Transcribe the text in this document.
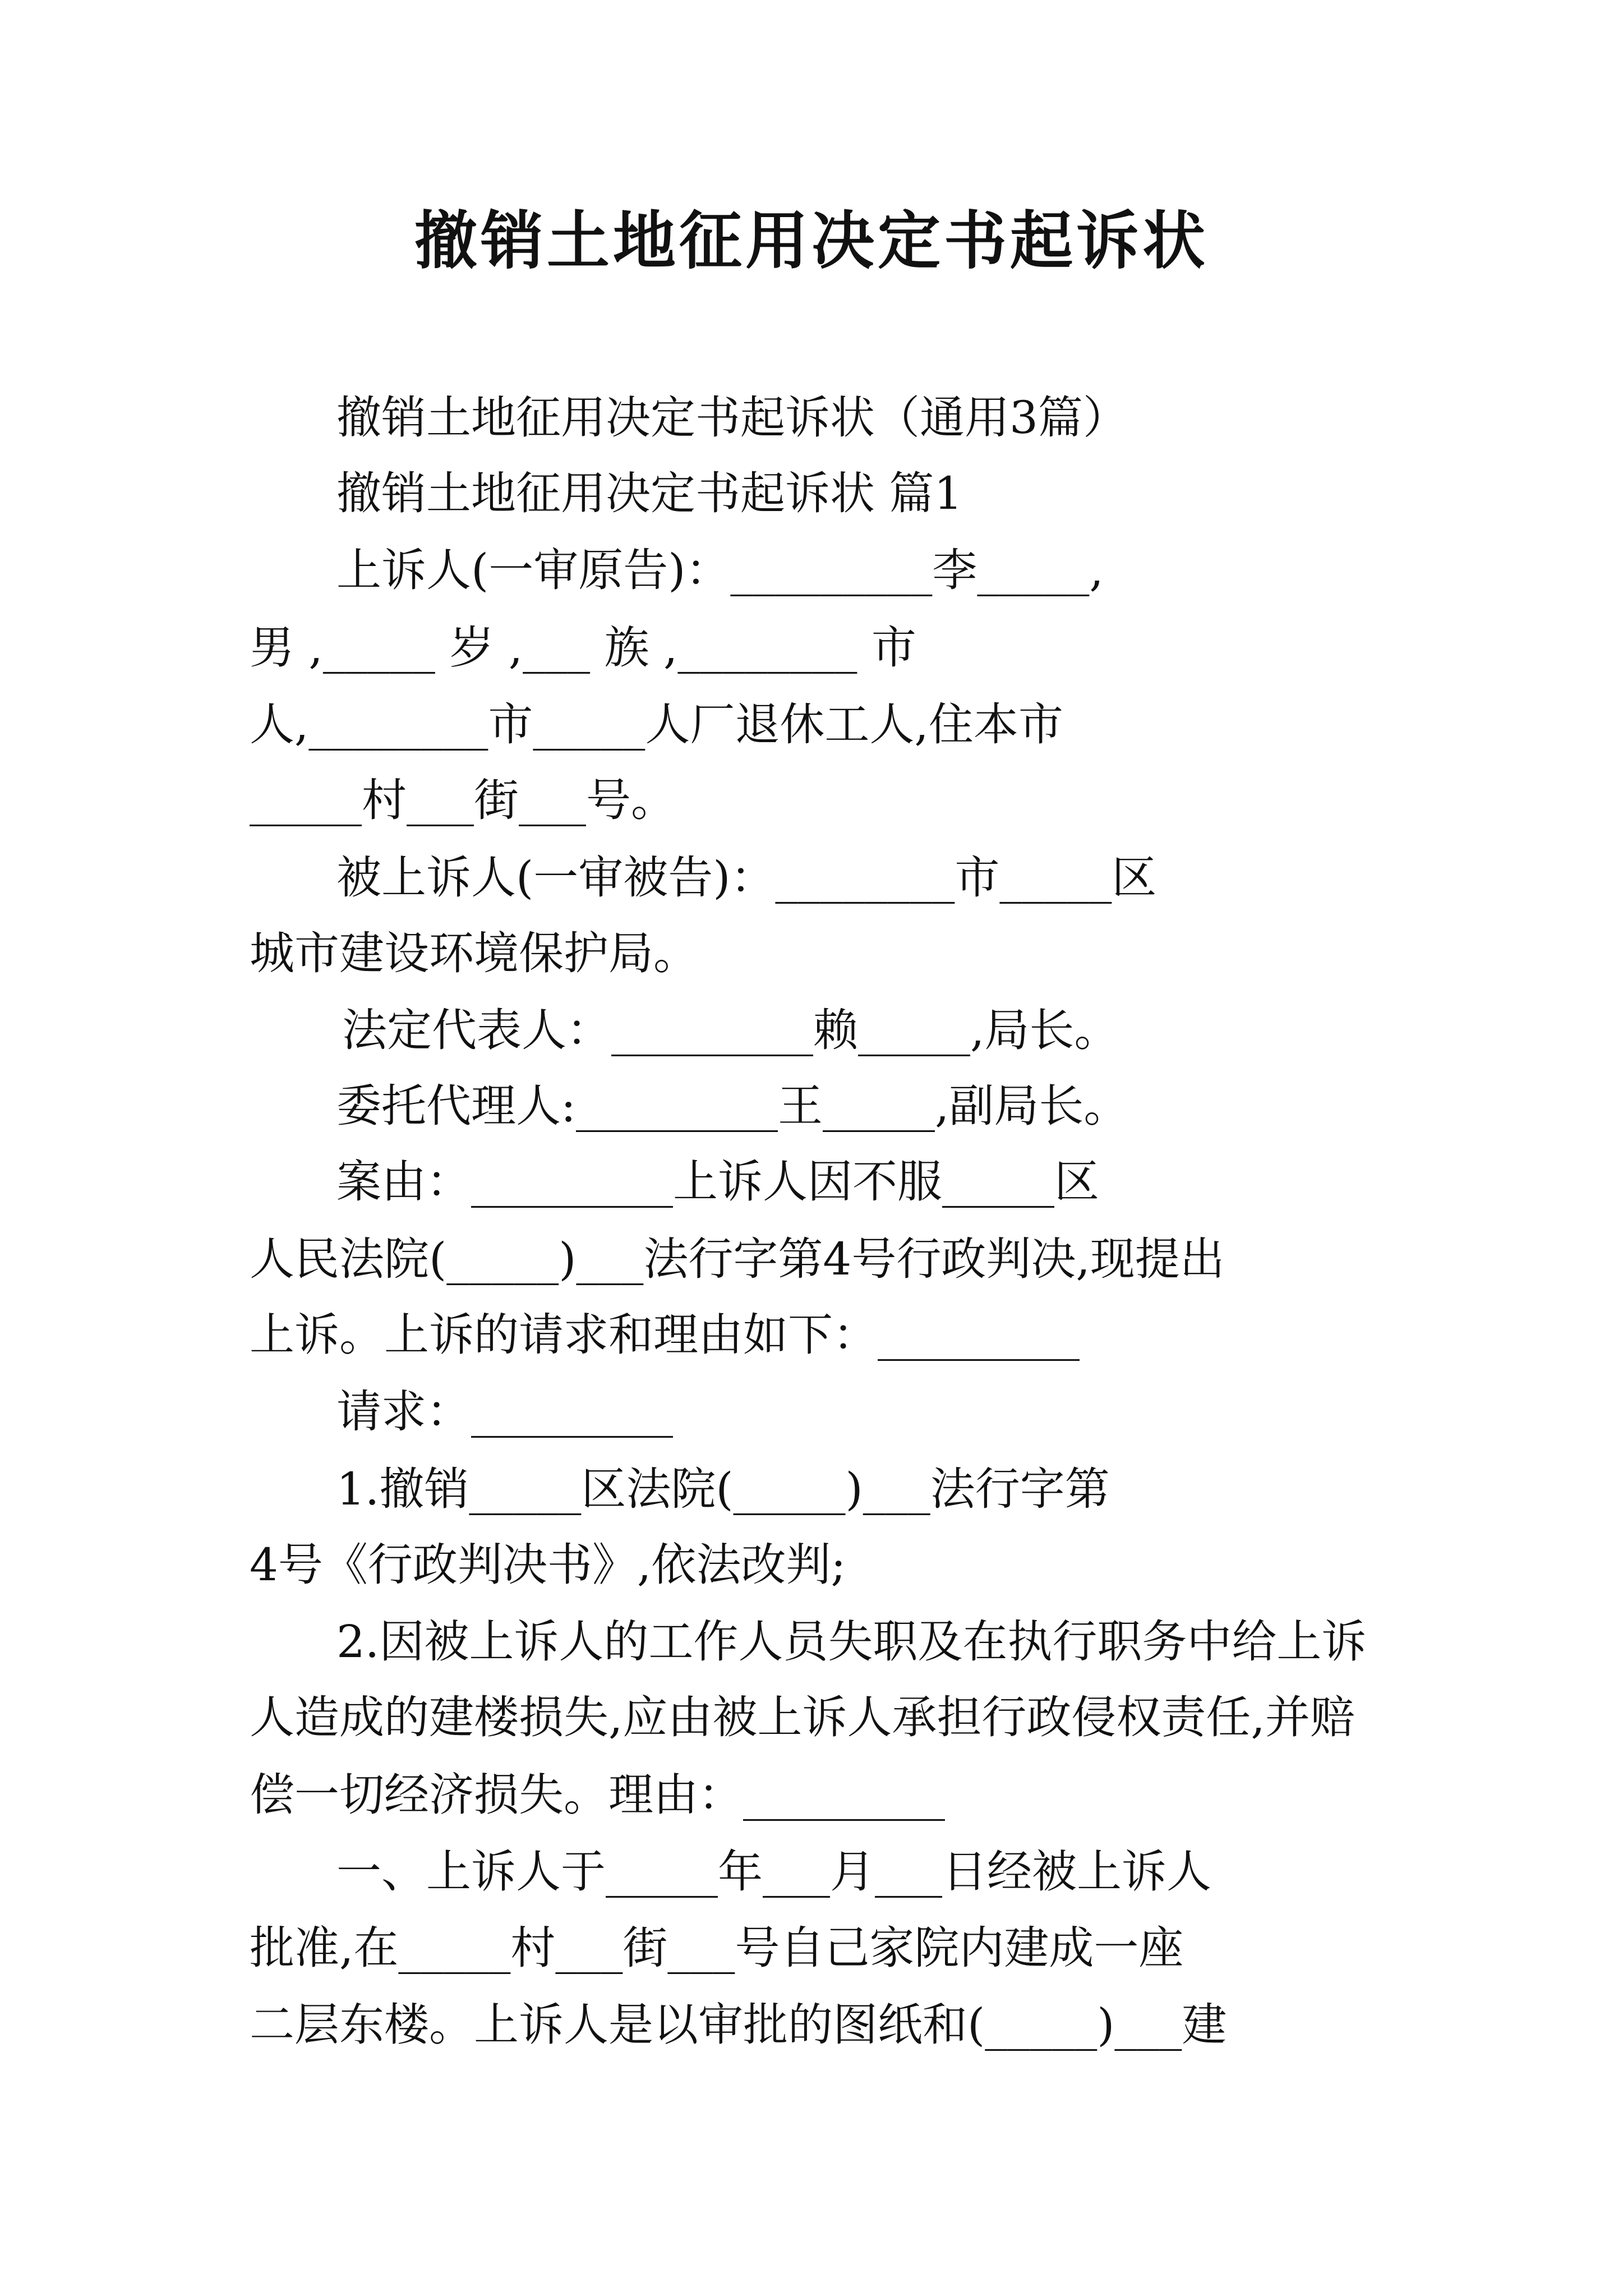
撤销土地征用决定书起诉状
撤销土地征用决定书起诉状（通用3篇）
撤销土地征用决定书起诉状 篇1
上诉人(一审原告)：_________李_____,
男 ,_____ 岁 ,___ 族 ,________ 市
人,________市_____人厂退休工人,住本市
_____村___街___号。
被上诉人(一审被告)：________市_____区
城市建设环境保护局。
法定代表人：_________赖_____,局长。
委托代理人:_________王_____,副局长。
案由：_________上诉人因不服_____区
人民法院(_____)___法行字第4号行政判决,现提出
上诉。上诉的请求和理由如下：_________
请求：_________
1.撤销_____区法院(_____)___法行字第
4号《行政判决书》,依法改判;
2.因被上诉人的工作人员失职及在执行职务中给上诉
人造成的建楼损失,应由被上诉人承担行政侵权责任,并赔
偿一切经济损失。理由：_________
一、上诉人于_____年___月___日经被上诉人
批准,在_____村___街___号自己家院内建成一座
二层东楼。上诉人是以审批的图纸和(_____)___建
